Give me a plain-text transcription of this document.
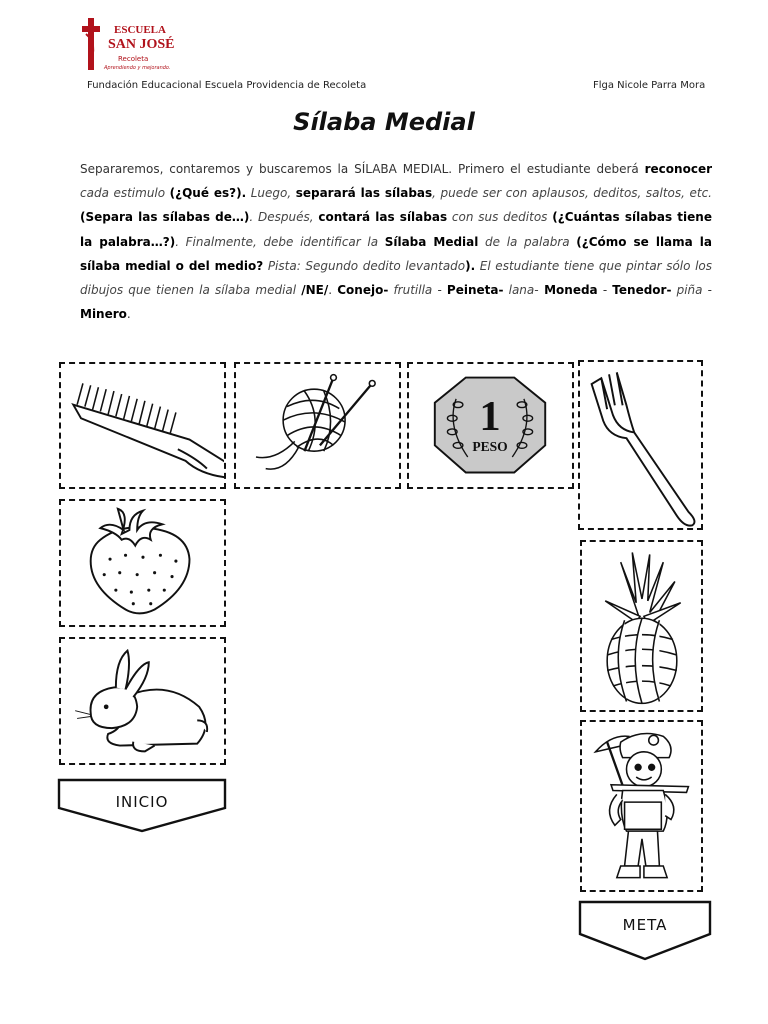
ESCUELA
SAN JOSÉ
Recoleta
Aprendiendo y mejorando.
Fundación Educacional Escuela Providencia de Recoleta	Flga Nicole Parra Mora
Sílaba Medial
Separaremos, contaremos y buscaremos la SÍLABA MEDIAL. Primero el estudiante deberá reconocer cada estimulo (¿Qué es?). Luego, separará las sílabas, puede ser con aplausos, deditos, saltos, etc. (Separa las sílabas de…). Después, contará las sílabas con sus deditos (¿Cuántas sílabas tiene la palabra…?). Finalmente, debe identificar la Sílaba Medial de la palabra (¿Cómo se llama la sílaba medial o del medio? Pista: Segundo dedito levantado). El estudiante tiene que pintar sólo los dibujos que tienen la sílaba medial /NE/. Conejo- frutilla - Peineta- lana- Moneda - Tenedor- piña - Minero.
1
PESO
INICIO
META
